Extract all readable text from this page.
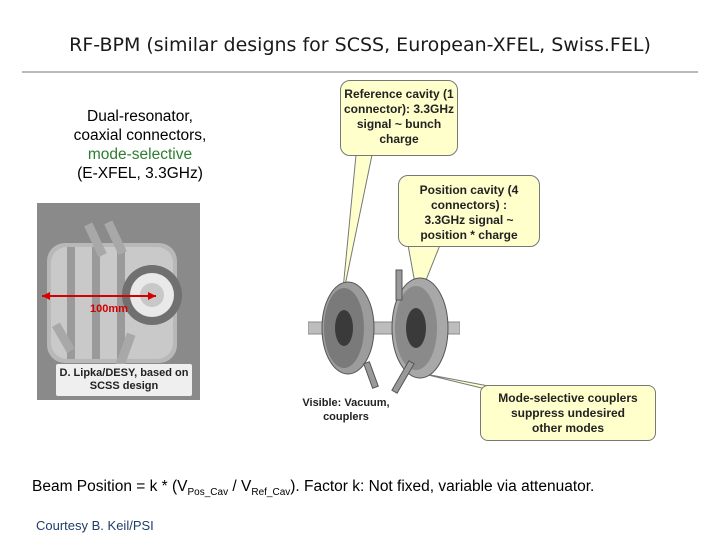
RF-BPM (similar designs for SCSS, European-XFEL, Swiss.FEL)
Dual-resonator,
coaxial connectors,
mode-selective
(E-XFEL, 3.3GHz)
100mm
D. Lipka/DESY, based on SCSS design
Reference cavity (1 connector): 3.3GHz signal ~ bunch charge
Position cavity (4 connectors) : 3.3GHz signal ~ position * charge
Mode-selective couplers suppress undesired other modes
Visible: Vacuum, couplers
Beam Position = k * $(V_{Pos\_Cav} / V_{Ref\_Cav})$. Factor k: Not fixed, variable via attenuator.
Courtesy B. Keil/PSI
